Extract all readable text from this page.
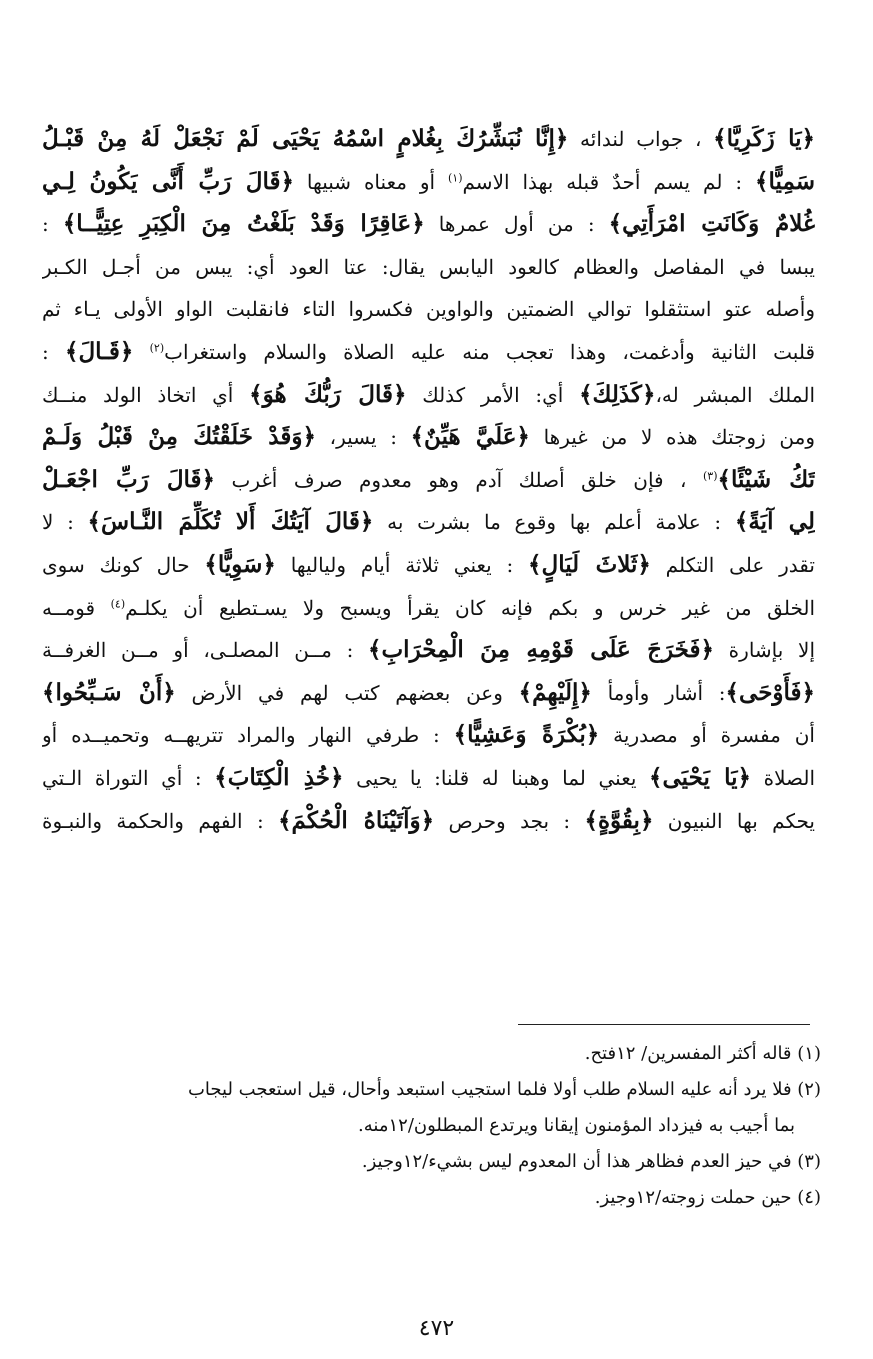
﴿يَا زَكَرِيَّا﴾ ، جواب لندائه ﴿إِنَّا نُبَشِّرُكَ بِغُلامٍ اسْمُهُ يَحْيَى لَمْ نَجْعَلْ لَهُ مِنْ قَبْـلُ
سَمِيًّا﴾ : لم يسم أحدٌ قبله بهذا الاسم$^{(١)}$ أو معناه شبيها ﴿قَالَ رَبِّ أَنَّى يَكُونُ لِـي
غُلامٌ وَكَانَتِ امْرَأَتِي﴾ : من أول عمرها ﴿عَاقِرًا وَقَدْ بَلَغْتُ مِنَ الْكِبَرِ عِتِيًّــا﴾ :
يبسا في المفاصل والعظام كالعود اليابس يقال: عتا العود أي: يبس من أجـل الكـبر
وأصله عتو استثقلوا توالي الضمتين والواوين فكسروا التاء فانقلبت الواو الأولى يـاء ثم
قلبت الثانية وأدغمت، وهذا تعجب منه عليه الصلاة والسلام واستغراب$^{(٢)}$ ﴿قَـالَ﴾ :
الملك المبشر له،﴿كَذَلِكَ﴾ أي: الأمر كذلك ﴿قَالَ رَبُّكَ هُوَ﴾ أي اتخاذ الولد منــك
ومن زوجتك هذه لا من غيرها ﴿عَلَيَّ هَيِّنٌ﴾ : يسير، ﴿وَقَدْ خَلَقْتُكَ مِنْ قَبْلُ وَلَـمْ
تَكُ شَيْئًا﴾$^{(٣)}$ ، فإن خلق أصلك آدم وهو معدوم صرف أغرب ﴿قَالَ رَبِّ اجْعَـلْ
لِي آيَةً﴾ : علامة أعلم بها وقوع ما بشرت به ﴿قَالَ آيَتُكَ أَلا تُكَلِّمَ النَّـاسَ﴾ : لا
تقدر على التكلم ﴿ثَلاثَ لَيَالٍ﴾ : يعني ثلاثة أيام ولياليها ﴿سَوِيًّا﴾ حال كونك سوى
الخلق من غير خرس و بكم فإنه كان يقرأ ويسبح ولا يسـتطيع أن يكلـم$^{(٤)}$ قومــه
إلا بإشارة ﴿فَخَرَجَ عَلَى قَوْمِهِ مِنَ الْمِحْرَابِ﴾ : مــن المصلـى، أو مــن الغرفــة
﴿فَأَوْحَى﴾: أشار وأومأ ﴿إِلَيْهِمْ﴾ وعن بعضهم كتب لهم في الأرض ﴿أَنْ سَـبِّحُوا﴾
أن مفسرة أو مصدرية ﴿بُكْرَةً وَعَشِيًّا﴾ : طرفي النهار والمراد تتريهــه وتحميــده أو
الصلاة ﴿يَا يَحْيَى﴾ يعني لما وهبنا له قلنا: يا يحيى ﴿خُذِ الْكِتَابَ﴾ : أي التوراة الـتي
يحكم بها النبيون ﴿بِقُوَّةٍ﴾ : بجد وحرص ﴿وَآتَيْنَاهُ الْحُكْمَ﴾ : الفهم والحكمة والنبـوة
(١) قاله أكثر المفسرين/ ١٢فتح.
(٢) فلا يرد أنه عليه السلام طلب أولا فلما استجيب استبعد وأحال، قيل استعجب ليجاب
بما أجيب به فيزداد المؤمنون إيقانا ويرتدع المبطلون/١٢منه.
(٣) في حيز العدم فظاهر هذا أن المعدوم ليس بشيء/١٢وجيز.
(٤) حين حملت زوجته/١٢وجيز.
٤٧٢
